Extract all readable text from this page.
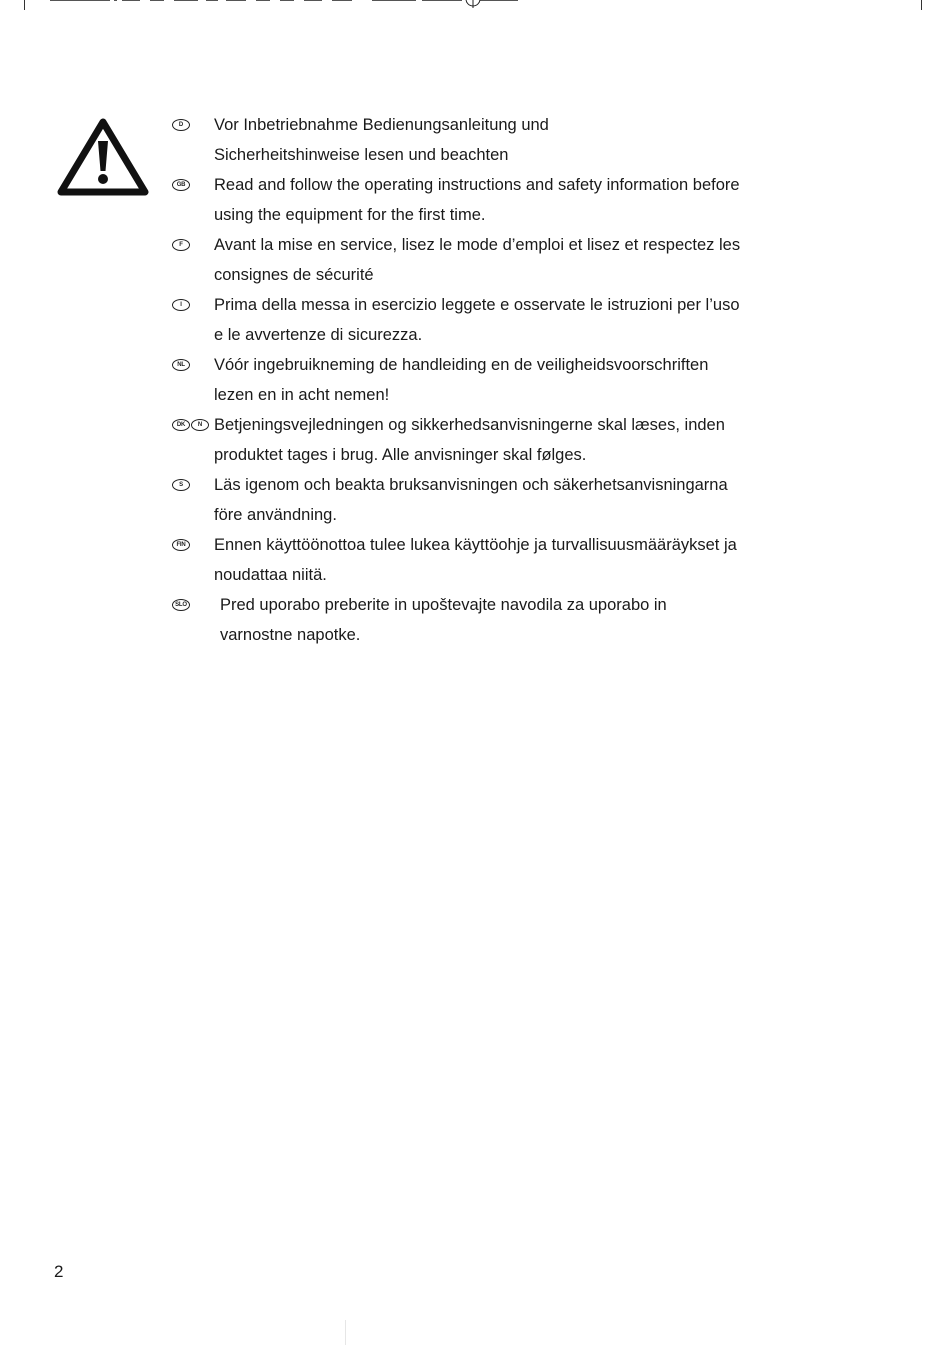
D	Vor Inbetriebnahme Bedienungsanleitung und
Sicherheitshinweise lesen und beachten
GB Read and follow the operating instructions and safety information before
using the equipment for the first time.
F	Avant la mise en service, lisez le mode d’emploi et lisez et respectez les
consignes de sécurité
I	Prima della messa in esercizio leggete e osservate le istruzioni per l’uso
e le avvertenze di sicurezza.
NL	Vóór ingebruikneming de handleiding en de veiligheidsvoorschriften
lezen en in acht nemen!
DK	N Betjeningsvejledningen og sikkerhedsanvisningerne skal læses, inden
produktet tages i brug. Alle anvisninger skal følges.
S	Läs igenom och beakta bruksanvisningen och säkerhetsanvisningarna
före användning.
FIN Ennen käyttöönottoa tulee lukea käyttöohje ja turvallisuusmääräykset ja
noudattaa niitä.
SLO Pred uporabo preberite in upoštevajte navodila za uporabo in
varnostne napotke.
2
